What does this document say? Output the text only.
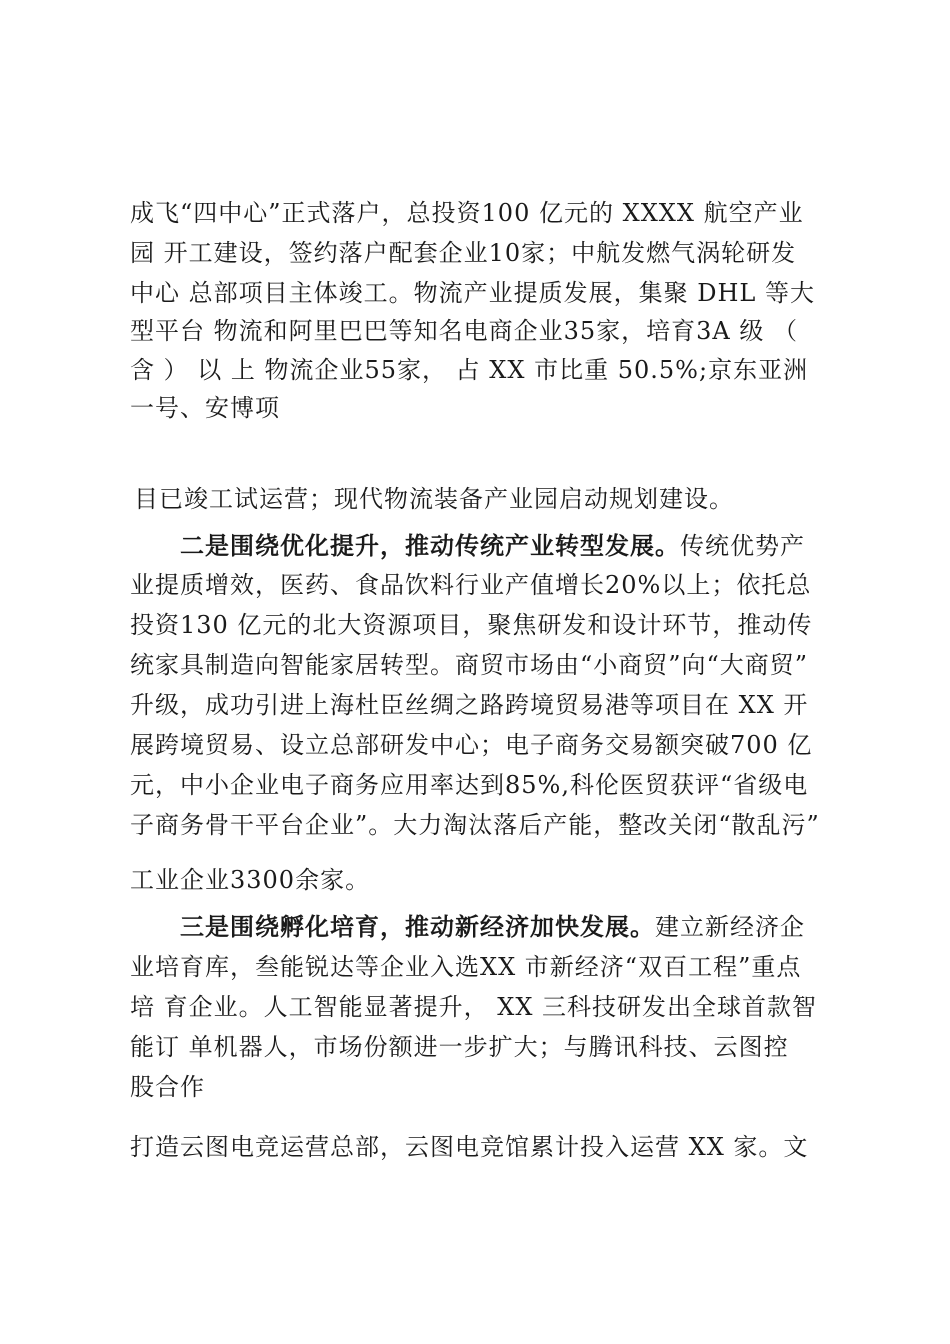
成飞“四中心”正式落户，总投资100 亿元的 XXXX 航空产业
园 开工建设，签约落户配套企业10家；中航发燃气涡轮研发
中心 总部项目主体竣工。物流产业提质发展，集聚 DHL 等大
型平台 物流和阿里巴巴等知名电商企业35家，培育3A 级 （
含 ） 以 上 物流企业55家， 占 XX 市比重 50.5%;京东亚洲
一号、安博项
目已竣工试运营；现代物流装备产业园启动规划建设。
二是围绕优化提升，推动传统产业转型发展。传统优势产
业提质增效，医药、食品饮料行业产值增长20%以上；依托总
投资130 亿元的北大资源项目，聚焦研发和设计环节，推动传
统家具制造向智能家居转型。商贸市场由“小商贸”向“大商贸”
升级，成功引进上海杜臣丝绸之路跨境贸易港等项目在 XX 开
展跨境贸易、设立总部研发中心；电子商务交易额突破700 亿
元，中小企业电子商务应用率达到85%,科伦医贸获评“省级电
子商务骨干平台企业”。大力淘汰落后产能，整改关闭“散乱污”
工业企业3300余家。
三是围绕孵化培育，推动新经济加快发展。建立新经济企
业培育库，叁能锐达等企业入选XX 市新经济“双百工程”重点
培 育企业。人工智能显著提升， XX 三科技研发出全球首款智
能订 单机器人，市场份额进一步扩大；与腾讯科技、云图控
股合作
打造云图电竞运营总部，云图电竞馆累计投入运营 XX 家。文
